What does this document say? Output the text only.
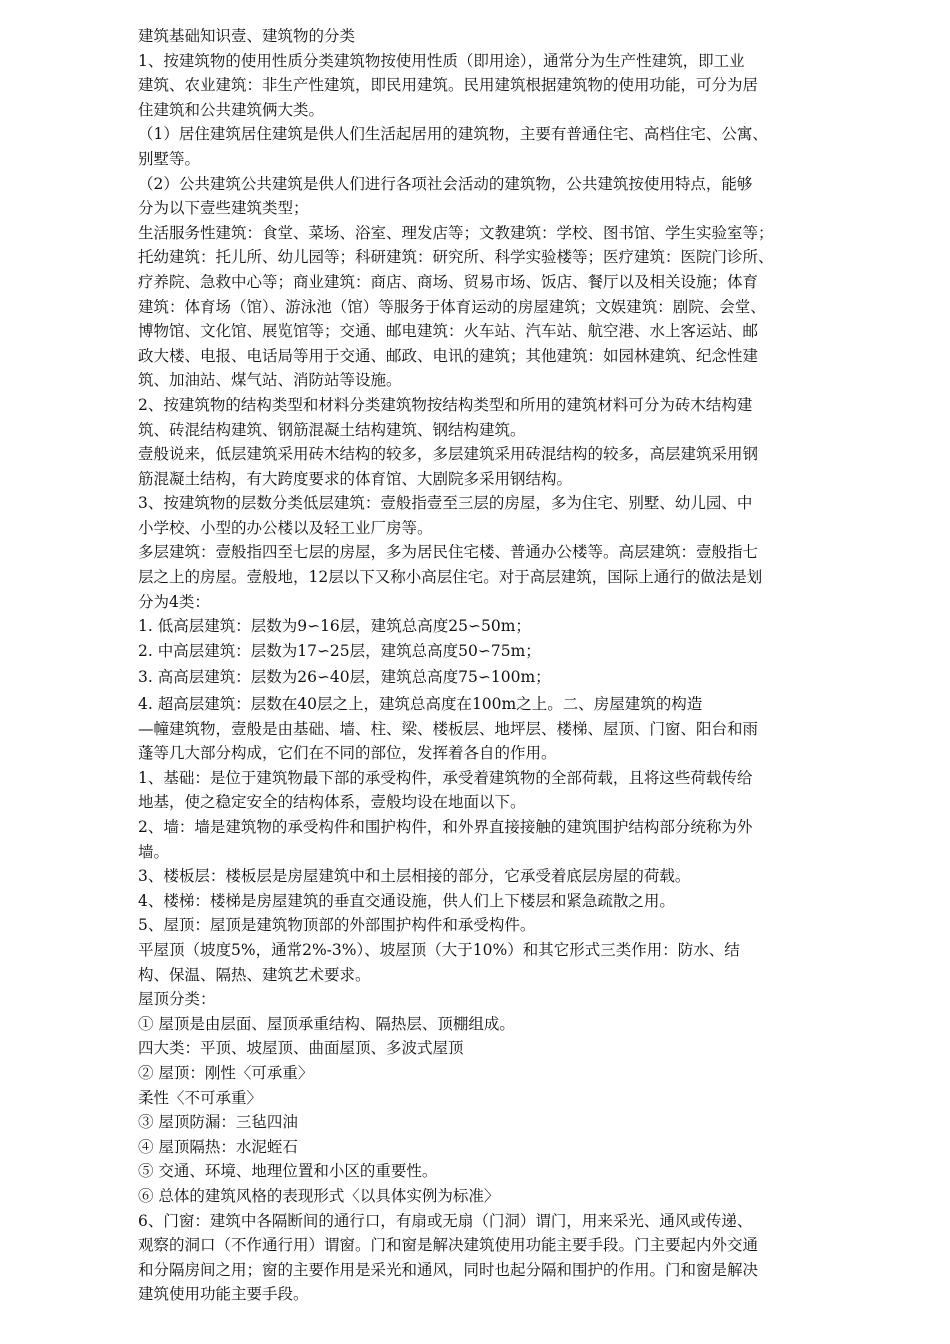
建筑基础知识壹、建筑物的分类
1、按建筑物的使用性质分类建筑物按使用性质（即用途），通常分为生产性建筑，即工业
建筑、农业建筑：非生产性建筑，即民用建筑。民用建筑根据建筑物的使用功能，可分为居
住建筑和公共建筑俩大类。
（1）居住建筑居住建筑是供人们生活起居用的建筑物，主要有普通住宅、高档住宅、公寓、
别墅等。
（2）公共建筑公共建筑是供人们进行各项社会活动的建筑物，公共建筑按使用特点，能够
分为以下壹些建筑类型；
生活服务性建筑：食堂、菜场、浴室、理发店等；文教建筑：学校、图书馆、学生实验室等；
托幼建筑：托儿所、幼儿园等；科研建筑：研究所、科学实验楼等；医疗建筑：医院门诊所、
疗养院、急救中心等；商业建筑：商店、商场、贸易市场、饭店、餐厅以及相关设施；体育
建筑：体育场（馆）、游泳池（馆）等服务于体育运动的房屋建筑；文娱建筑：剧院、会堂、
博物馆、文化馆、展览馆等；交通、邮电建筑：火车站、汽车站、航空港、水上客运站、邮
政大楼、电报、电话局等用于交通、邮政、电讯的建筑；其他建筑：如园林建筑、纪念性建
筑、加油站、煤气站、消防站等设施。
2、按建筑物的结构类型和材料分类建筑物按结构类型和所用的建筑材料可分为砖木结构建
筑、砖混结构建筑、钢筋混凝土结构建筑、钢结构建筑。
壹般说来，低层建筑采用砖木结构的较多，多层建筑采用砖混结构的较多，高层建筑采用钢
筋混凝土结构，有大跨度要求的体育馆、大剧院多采用钢结构。
3、按建筑物的层数分类低层建筑：壹般指壹至三层的房屋，多为住宅、别墅、幼儿园、中
小学校、小型的办公楼以及轻工业厂房等。
多层建筑：壹般指四至七层的房屋，多为居民住宅楼、普通办公楼等。高层建筑：壹般指七
层之上的房屋。壹般地，12层以下又称小高层住宅。对于高层建筑，国际上通行的做法是划
分为4类：
1. 低高层建筑：层数为9∽16层，建筑总高度25∽50m；
2. 中高层建筑：层数为17∽25层，建筑总高度50∽75m；
3. 高高层建筑：层数为26∽40层，建筑总高度75∽100m；
4. 超高层建筑：层数在40层之上，建筑总高度在100m之上。二、房屋建筑的构造
—幢建筑物，壹般是由基础、墙、柱、梁、楼板层、地坪层、楼梯、屋顶、门窗、阳台和雨
蓬等几大部分构成，它们在不同的部位，发挥着各自的作用。
1、基础：是位于建筑物最下部的承受构件，承受着建筑物的全部荷载，且将这些荷载传给
地基，使之稳定安全的结构体系，壹般均设在地面以下。
2、墙：墙是建筑物的承受构件和围护构件，和外界直接接触的建筑围护结构部分统称为外
墙。
3、楼板层：楼板层是房屋建筑中和土层相接的部分，它承受着底层房屋的荷载。
4、楼梯：楼梯是房屋建筑的垂直交通设施，供人们上下楼层和紧急疏散之用。
5、屋顶：屋顶是建筑物顶部的外部围护构件和承受构件。
平屋顶（坡度5%，通常2%-3%）、坡屋顶（大于10%）和其它形式三类作用：防水、结
构、保温、隔热、建筑艺术要求。
屋顶分类：
① 屋顶是由层面、屋顶承重结构、隔热层、顶棚组成。
四大类：平顶、坡屋顶、曲面屋顶、多波式屋顶
② 屋顶：刚性〈可承重〉
柔性〈不可承重〉
③ 屋顶防漏：三毡四油
④ 屋顶隔热：水泥蛭石
⑤ 交通、环境、地理位置和小区的重要性。
⑥ 总体的建筑风格的表现形式〈以具体实例为标准〉
6、门窗：建筑中各隔断间的通行口，有扇或无扇（门洞）谓门，用来采光、通风或传递、
观察的洞口（不作通行用）谓窗。门和窗是解决建筑使用功能主要手段。门主要起内外交通
和分隔房间之用；窗的主要作用是采光和通风，同时也起分隔和围护的作用。门和窗是解决
建筑使用功能主要手段。
